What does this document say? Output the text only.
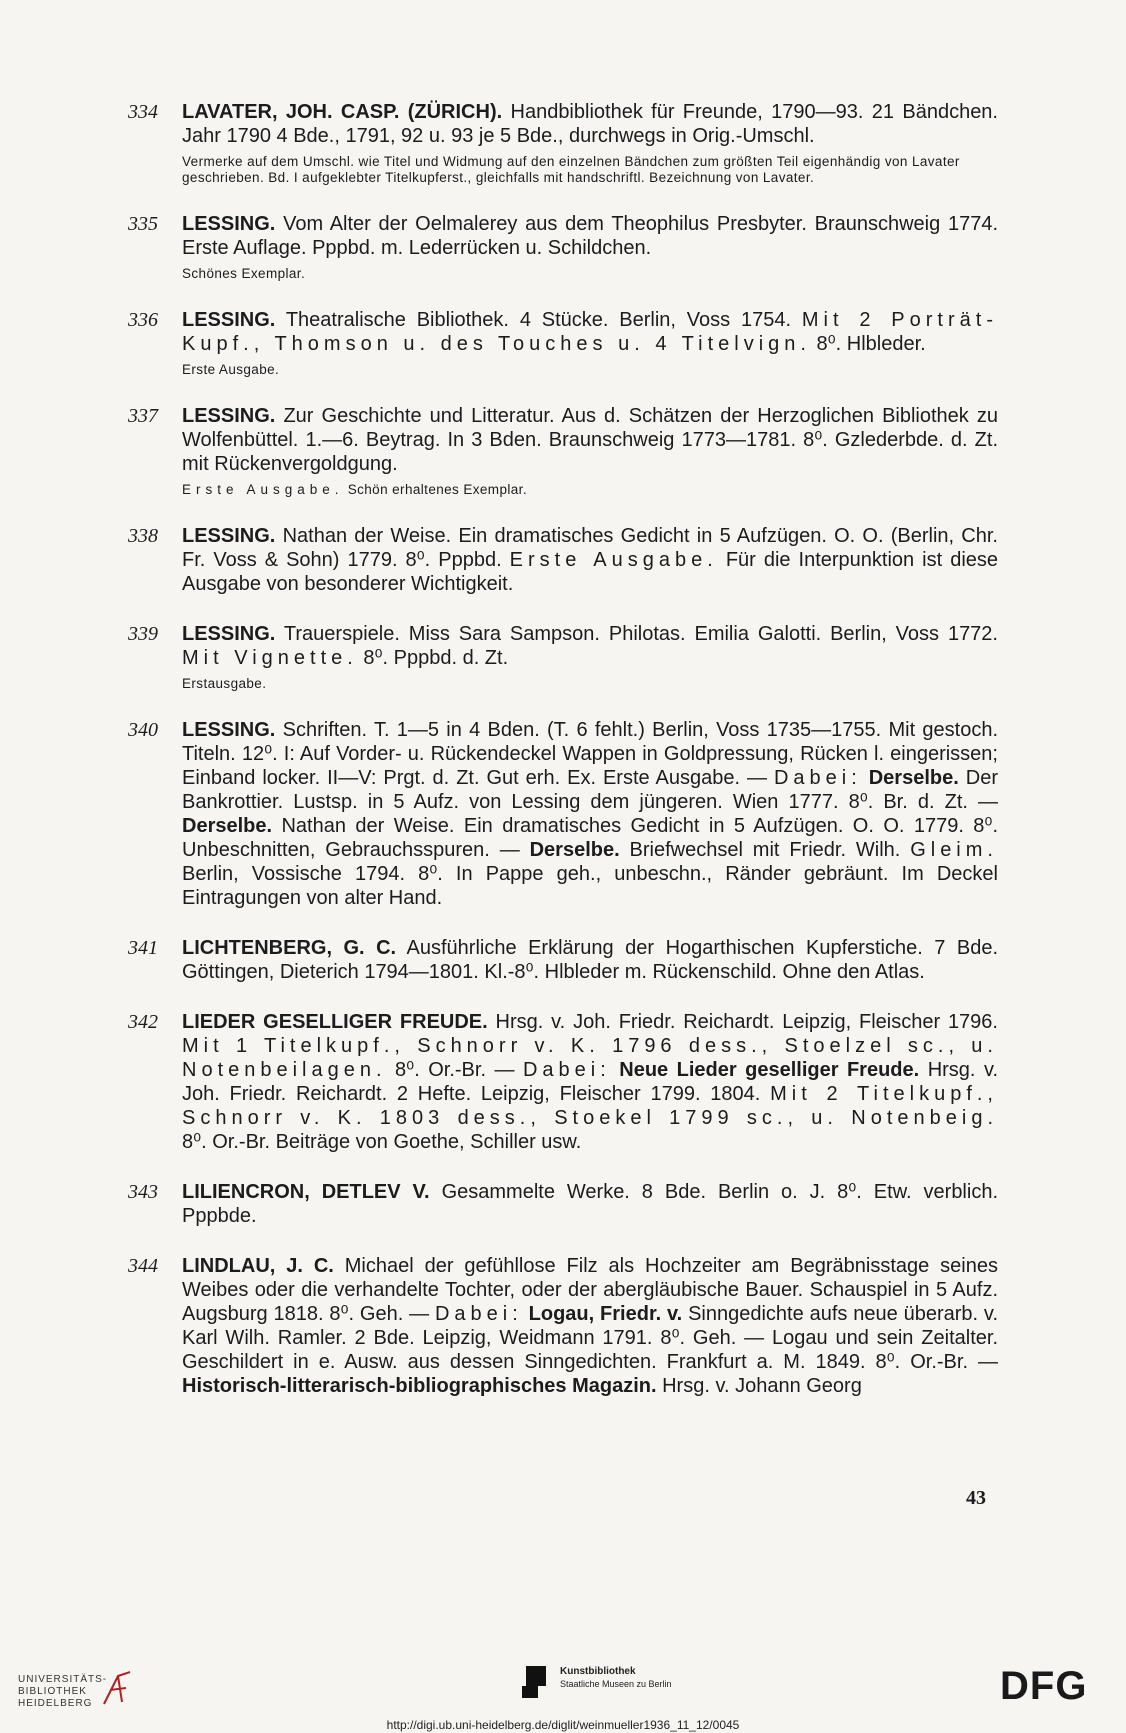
334 LAVATER, JOH. CASP. (ZÜRICH). Handbibliothek für Freunde, 1790—93. 21 Bändchen. Jahr 1790 4 Bde., 1791, 92 u. 93 je 5 Bde., durchwegs in Orig.-Umschl.
Vermerke auf dem Umschl. wie Titel und Widmung auf den einzelnen Bändchen zum größten Teil eigenhändig von Lavater geschrieben. Bd. I aufgeklebter Titelkupferst., gleichfalls mit handschriftl. Bezeichnung von Lavater.
335 LESSING. Vom Alter der Oelmalerey aus dem Theophilus Presbyter. Braunschweig 1774. Erste Auflage. Pppbd. m. Lederrücken u. Schildchen.
Schönes Exemplar.
336 LESSING. Theatralische Bibliothek. 4 Stücke. Berlin, Voss 1754. Mit 2 Porträt-Kupf., Thomson u. des Touches u. 4 Titelvign. 8⁰. Hlbleder.
Erste Ausgabe.
337 LESSING. Zur Geschichte und Litteratur. Aus d. Schätzen der Herzoglichen Bibliothek zu Wolfenbüttel. 1.—6. Beytrag. In 3 Bden. Braunschweig 1773—1781. 8⁰. Gzlederbde. d. Zt. mit Rückenvergoldgung.
Erste Ausgabe. Schön erhaltenes Exemplar.
338 LESSING. Nathan der Weise. Ein dramatisches Gedicht in 5 Aufzügen. O. O. (Berlin, Chr. Fr. Voss & Sohn) 1779. 8⁰. Pppbd. Erste Ausgabe. Für die Interpunktion ist diese Ausgabe von besonderer Wichtigkeit.
339 LESSING. Trauerspiele. Miss Sara Sampson. Philotas. Emilia Galotti. Berlin, Voss 1772. Mit Vignette. 8⁰. Pppbd. d. Zt.
Erstausgabe.
340 LESSING. Schriften. T. 1—5 in 4 Bden. (T. 6 fehlt.) Berlin, Voss 1735—1755. Mit gestoch. Titeln. 12⁰. I: Auf Vorder- u. Rückendeckel Wappen in Goldpressung, Rücken l. eingerissen; Einband locker. II—V: Prgt. d. Zt. Gut erh. Ex. Erste Ausgabe. — Dabei: Derselbe. Der Bankrottier. Lustsp. in 5 Aufz. von Lessing dem jüngeren. Wien 1777. 8⁰. Br. d. Zt. — Derselbe. Nathan der Weise. Ein dramatisches Gedicht in 5 Aufzügen. O. O. 1779. 8⁰. Unbeschnitten, Gebrauchsspuren. — Derselbe. Briefwechsel mit Friedr. Wilh. Gleim. Berlin, Vossische 1794. 8⁰. In Pappe geh., unbeschn., Ränder gebräunt. Im Deckel Eintragungen von alter Hand.
341 LICHTENBERG, G. C. Ausführliche Erklärung der Hogarthischen Kupferstiche. 7 Bde. Göttingen, Dieterich 1794—1801. Kl.-8⁰. Hlbleder m. Rückenschild. Ohne den Atlas.
342 LIEDER GESELLIGER FREUDE. Hrsg. v. Joh. Friedr. Reichardt. Leipzig, Fleischer 1796. Mit 1 Titelkupf., Schnorr v. K. 1796 dess., Stoelzel sc., u. Notenbeilagen. 8⁰. Or.-Br. — Dabei: Neue Lieder geselliger Freude. Hrsg. v. Joh. Friedr. Reichardt. 2 Hefte. Leipzig, Fleischer 1799. 1804. Mit 2 Titelkupf., Schnorr v. K. 1803 dess., Stoekel 1799 sc., u. Notenbeig. 8⁰. Or.-Br. Beiträge von Goethe, Schiller usw.
343 LILIENCRON, DETLEV V. Gesammelte Werke. 8 Bde. Berlin o. J. 8⁰. Etw. verblich. Pppbde.
344 LINDLAU, J. C. Michael der gefühllose Filz als Hochzeiter am Begräbnisstage seines Weibes oder die verhandelte Tochter, oder der abergläubische Bauer. Schauspiel in 5 Aufz. Augsburg 1818. 8⁰. Geh. — Dabei: Logau, Friedr. v. Sinngedichte aufs neue überarb. v. Karl Wilh. Ramler. 2 Bde. Leipzig, Weidmann 1791. 8⁰. Geh. — Logau und sein Zeitalter. Geschildert in e. Ausw. aus dessen Sinngedichten. Frankfurt a. M. 1849. 8⁰. Or.-Br. — Historisch-litterarisch-bibliographisches Magazin. Hrsg. v. Johann Georg
43
UNIVERSITÄTS-
BIBLIOTHEK
HEIDELBERG
Kunstbibliothek
Staatliche Museen zu Berlin	DFG
http://digi.ub.uni-heidelberg.de/diglit/weinmueller1936_11_12/0045
